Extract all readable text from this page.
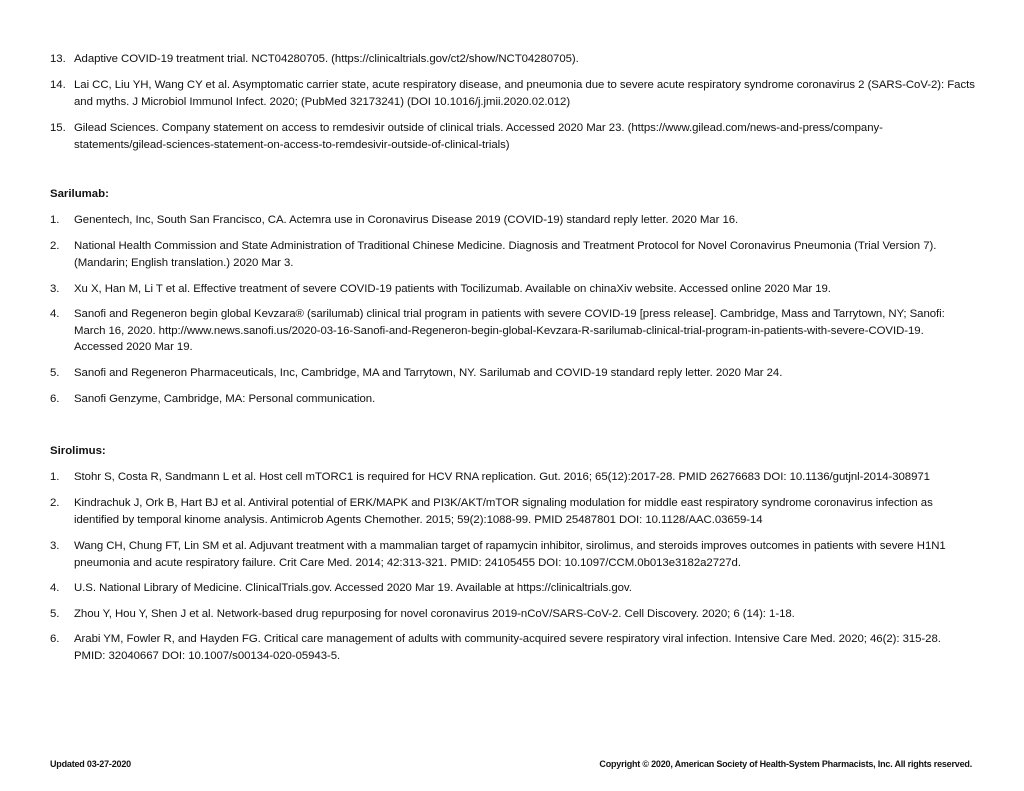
13. Adaptive COVID-19 treatment trial. NCT04280705. (https://clinicaltrials.gov/ct2/show/NCT04280705).
14. Lai CC, Liu YH, Wang CY et al. Asymptomatic carrier state, acute respiratory disease, and pneumonia due to severe acute respiratory syndrome coronavirus 2 (SARS-CoV-2): Facts and myths. J Microbiol Immunol Infect. 2020; (PubMed 32173241) (DOI 10.1016/j.jmii.2020.02.012)
15. Gilead Sciences. Company statement on access to remdesivir outside of clinical trials. Accessed 2020 Mar 23. (https://www.gilead.com/news-and-press/company-statements/gilead-sciences-statement-on-access-to-remdesivir-outside-of-clinical-trials)
Sarilumab:
1. Genentech, Inc, South San Francisco, CA. Actemra use in Coronavirus Disease 2019 (COVID-19) standard reply letter. 2020 Mar 16.
2. National Health Commission and State Administration of Traditional Chinese Medicine. Diagnosis and Treatment Protocol for Novel Coronavirus Pneumonia (Trial Version 7). (Mandarin; English translation.) 2020 Mar 3.
3. Xu X, Han M, Li T et al. Effective treatment of severe COVID-19 patients with Tocilizumab. Available on chinaXiv website. Accessed online 2020 Mar 19.
4. Sanofi and Regeneron begin global Kevzara® (sarilumab) clinical trial program in patients with severe COVID-19 [press release]. Cambridge, Mass and Tarrytown, NY; Sanofi: March 16, 2020. http://www.news.sanofi.us/2020-03-16-Sanofi-and-Regeneron-begin-global-Kevzara-R-sarilumab-clinical-trial-program-in-patients-with-severe-COVID-19. Accessed 2020 Mar 19.
5. Sanofi and Regeneron Pharmaceuticals, Inc, Cambridge, MA and Tarrytown, NY. Sarilumab and COVID-19 standard reply letter. 2020 Mar 24.
6. Sanofi Genzyme, Cambridge, MA: Personal communication.
Sirolimus:
1. Stohr S, Costa R, Sandmann L et al. Host cell mTORC1 is required for HCV RNA replication. Gut. 2016; 65(12):2017-28. PMID 26276683 DOI: 10.1136/gutjnl-2014-308971
2. Kindrachuk J, Ork B, Hart BJ et al. Antiviral potential of ERK/MAPK and PI3K/AKT/mTOR signaling modulation for middle east respiratory syndrome coronavirus infection as identified by temporal kinome analysis. Antimicrob Agents Chemother. 2015; 59(2):1088-99. PMID 25487801 DOI: 10.1128/AAC.03659-14
3. Wang CH, Chung FT, Lin SM et al. Adjuvant treatment with a mammalian target of rapamycin inhibitor, sirolimus, and steroids improves outcomes in patients with severe H1N1 pneumonia and acute respiratory failure. Crit Care Med. 2014; 42:313-321. PMID: 24105455 DOI: 10.1097/CCM.0b013e3182a2727d.
4. U.S. National Library of Medicine. ClinicalTrials.gov. Accessed 2020 Mar 19. Available at https://clinicaltrials.gov.
5. Zhou Y, Hou Y, Shen J et al. Network-based drug repurposing for novel coronavirus 2019-nCoV/SARS-CoV-2. Cell Discovery. 2020; 6 (14): 1-18.
6. Arabi YM, Fowler R, and Hayden FG. Critical care management of adults with community-acquired severe respiratory viral infection. Intensive Care Med. 2020; 46(2): 315-28. PMID: 32040667 DOI: 10.1007/s00134-020-05943-5.
Updated 03-27-2020	Copyright © 2020, American Society of Health-System Pharmacists, Inc. All rights reserved.
